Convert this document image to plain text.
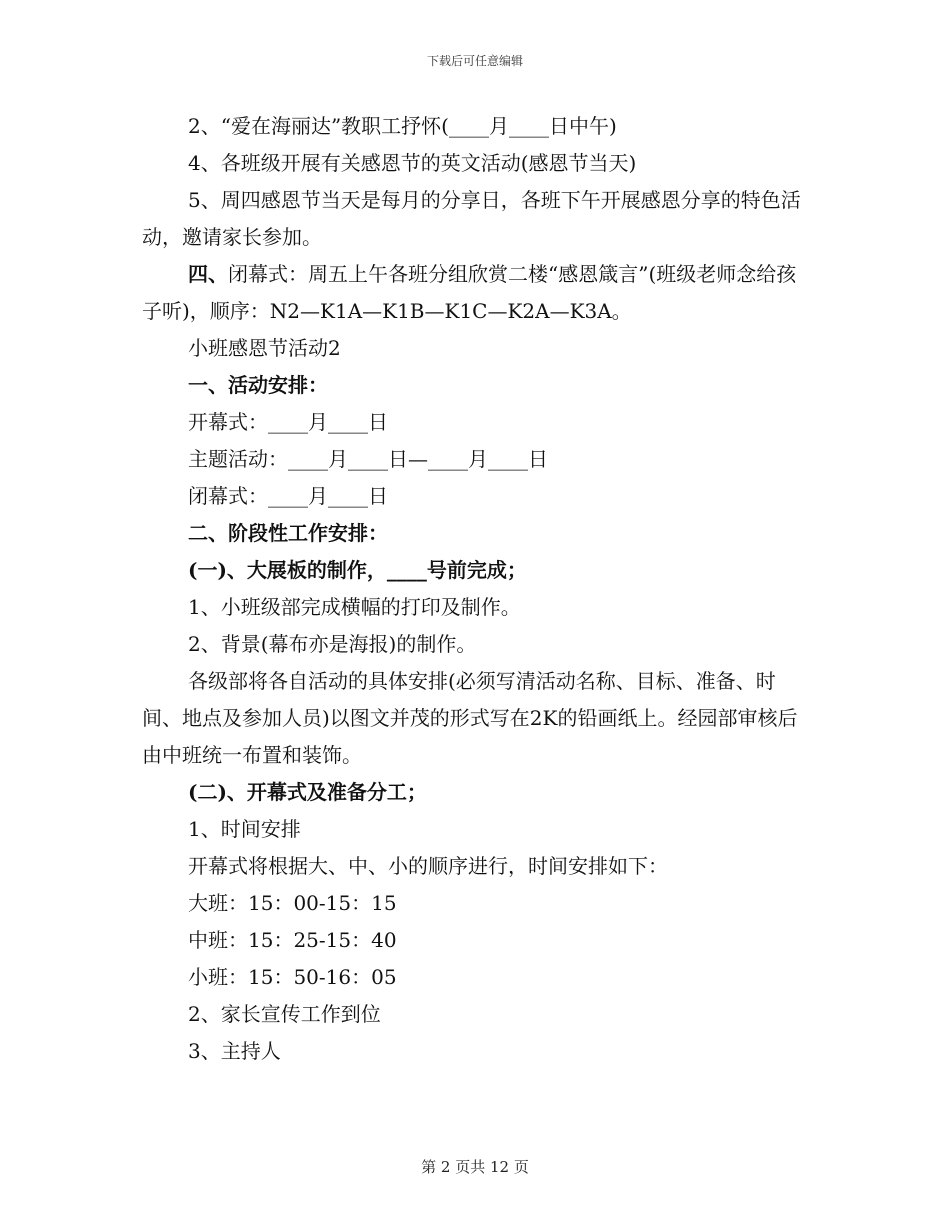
下载后可任意编辑

2、“爱在海丽达”教职工抒怀(____月____日中午)

4、各班级开展有关感恩节的英文活动(感恩节当天)

5、周四感恩节当天是每月的分享日，各班下午开展感恩分享的特色活动，邀请家长参加。

四、闭幕式：周五上午各班分组欣赏二楼“感恩箴言”(班级老师念给孩子听)，顺序：N2—K1A—K1B—K1C—K2A—K3A。

小班感恩节活动2

一、活动安排：

开幕式：____月____日

主题活动：____月____日—____月____日

闭幕式：____月____日

二、阶段性工作安排：

(一)、大展板的制作，____号前完成；

1、小班级部完成横幅的打印及制作。

2、背景(幕布亦是海报)的制作。

各级部将各自活动的具体安排(必须写清活动名称、目标、准备、时间、地点及参加人员)以图文并茂的形式写在2K的铅画纸上。经园部审核后由中班统一布置和装饰。

(二)、开幕式及准备分工；

1、时间安排

开幕式将根据大、中、小的顺序进行，时间安排如下：

大班：15：00-15：15

中班：15：25-15：40

小班：15：50-16：05

2、家长宣传工作到位

3、主持人

第 2 页共 12 页
